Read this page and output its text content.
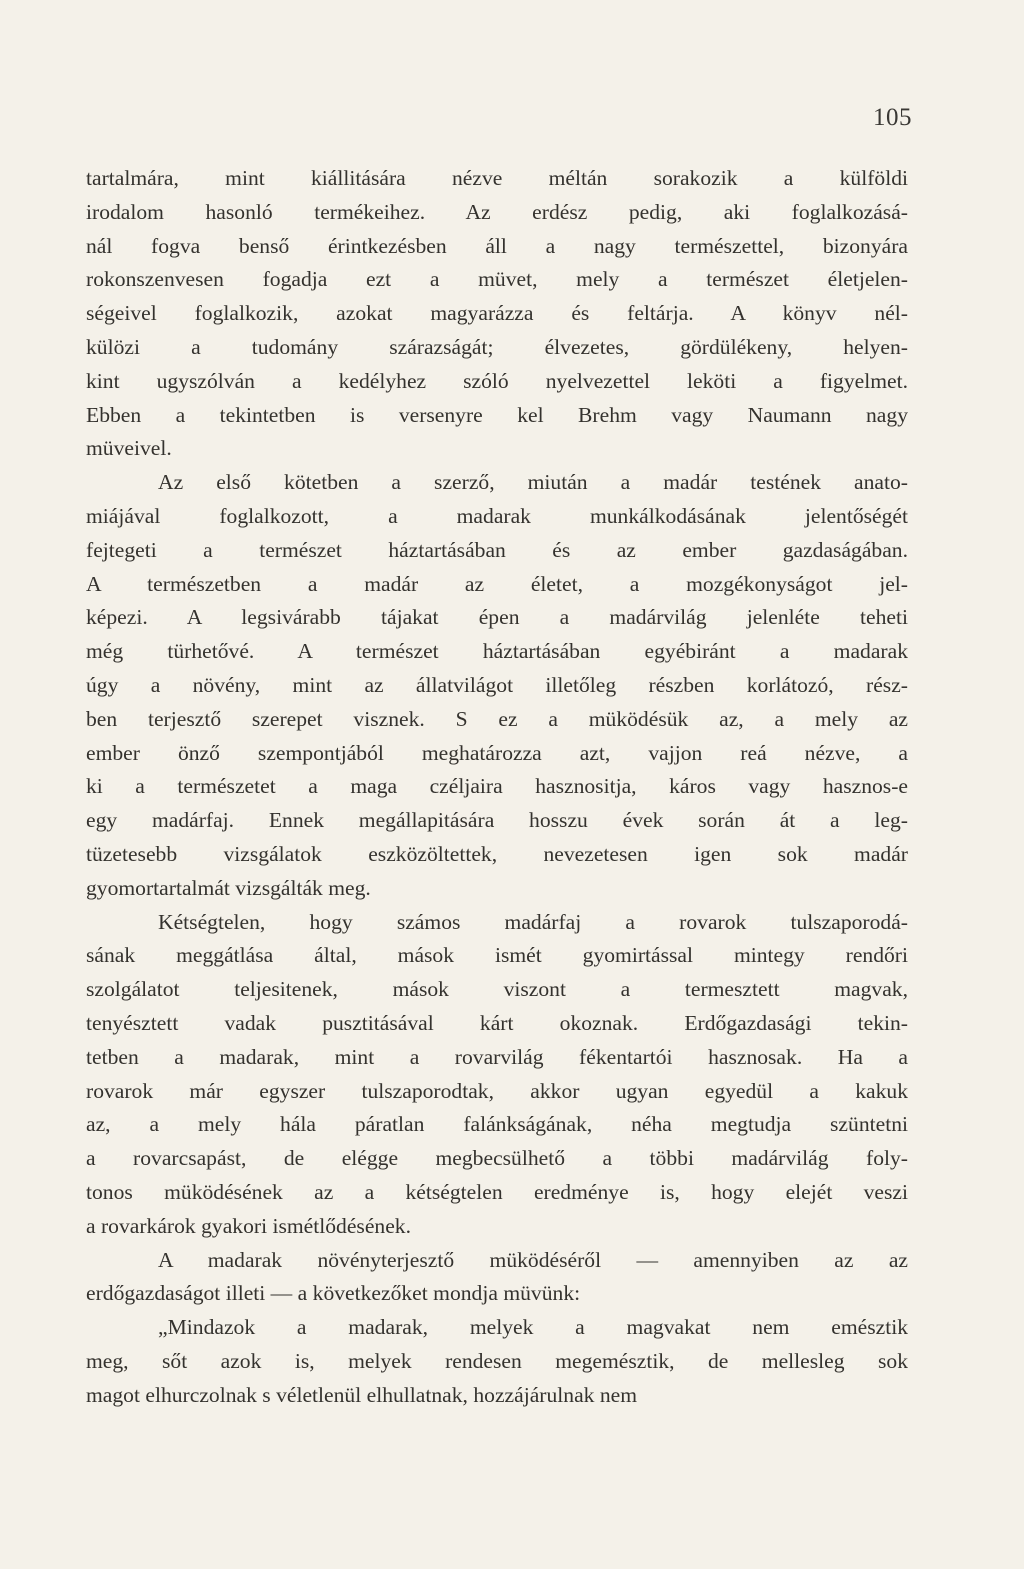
105
tartalmára, mint kiállitására nézve méltán sorakozik a külföldi
irodalom hasonló termékeihez. Az erdész pedig, aki foglalkozásá-
nál fogva benső érintkezésben áll a nagy természettel, bizonyára
rokonszenvesen fogadja ezt a müvet, mely a természet életjelen-
ségeivel foglalkozik, azokat magyarázza és feltárja. A könyv nél-
külözi a tudomány szárazságát; élvezetes, gördülékeny, helyen-
kint ugyszólván a kedélyhez szóló nyelvezettel leköti a figyelmet.
Ebben a tekintetben is versenyre kel Brehm vagy Naumann nagy
müveivel.
Az első kötetben a szerző, miután a madár testének anato-
miájával foglalkozott, a madarak munkálkodásának jelentőségét
fejtegeti a természet háztartásában és az ember gazdaságában.
A természetben a madár az életet, a mozgékonyságot jel-
képezi. A legsivárabb tájakat épen a madárvilág jelenléte teheti
még türhetővé. A természet háztartásában egyébiránt a madarak
úgy a növény, mint az állatvilágot illetőleg részben korlátozó, rész-
ben terjesztő szerepet visznek. S ez a müködésük az, a mely az
ember önző szempontjából meghatározza azt, vajjon reá nézve, a
ki a természetet a maga czéljaira hasznositja, káros vagy hasznos-e
egy madárfaj. Ennek megállapitására hosszu évek során át a leg-
tüzetesebb vizsgálatok eszközöltettek, nevezetesen igen sok madár
gyomortartalmát vizsgálták meg.
Kétségtelen, hogy számos madárfaj a rovarok tulszaporodá-
sának meggátlása által, mások ismét gyomirtással mintegy rendőri
szolgálatot teljesitenek, mások viszont a termesztett magvak,
tenyésztett vadak pusztitásával kárt okoznak. Erdőgazdasági tekin-
tetben a madarak, mint a rovarvilág fékentartói hasznosak. Ha a
rovarok már egyszer tulszaporodtak, akkor ugyan egyedül a kakuk
az, a mely hála páratlan falánkságának, néha megtudja szüntetni
a rovarcsapást, de elégge megbecsülhető a többi madárvilág foly-
tonos müködésének az a kétségtelen eredménye is, hogy elejét veszi
a rovarkárok gyakori ismétlődésének.
A madarak növényterjesztő müködéséről — amennyiben az az
erdőgazdaságot illeti — a következőket mondja müvünk:
„Mindazok a madarak, melyek a magvakat nem emésztik
meg, sőt azok is, melyek rendesen megemésztik, de mellesleg sok
magot elhurczolnak s véletlenül elhullatnak, hozzájárulnak nem
